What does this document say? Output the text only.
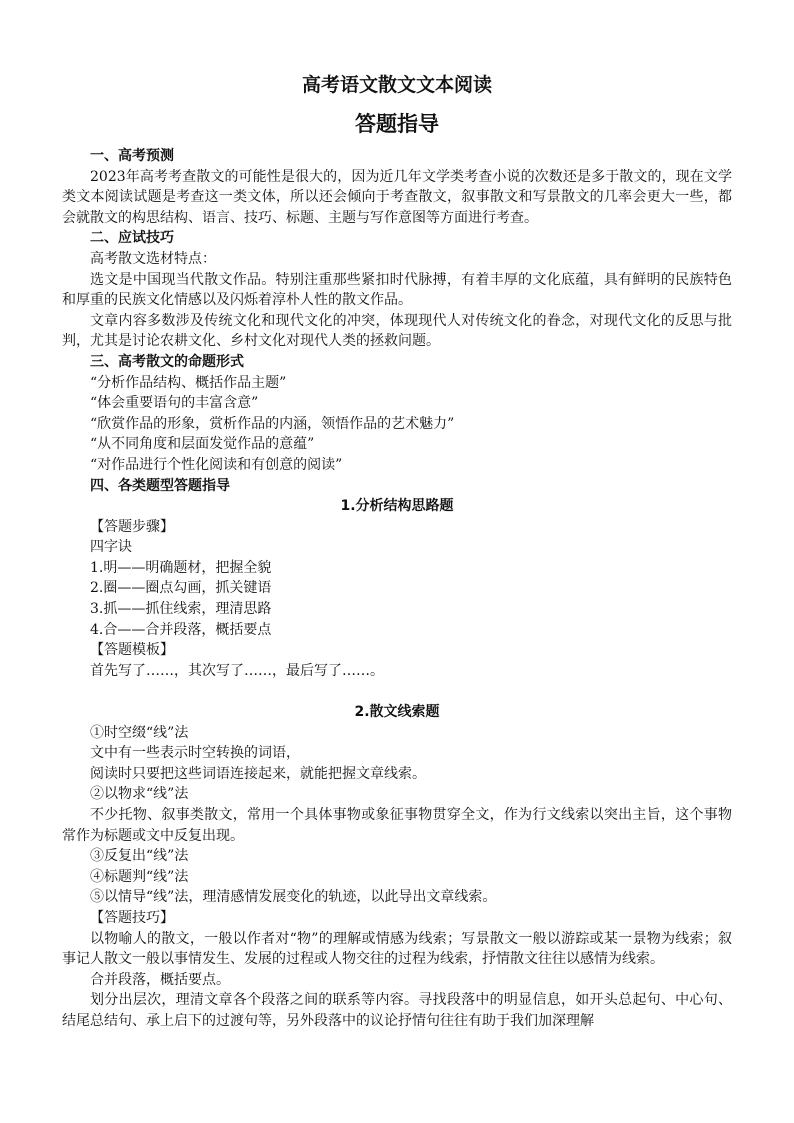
高考语文散文文本阅读
答题指导
一、高考预测

2023年高考考查散文的可能性是很大的，因为近几年文学类考查小说的次数还是多于散文的，现在文学类文本阅读试题是考查这一类文体，所以还会倾向于考查散文，叙事散文和写景散文的几率会更大一些，都会就散文的构思结构、语言、技巧、标题、主题与写作意图等方面进行考查。

二、应试技巧

高考散文选材特点：

选文是中国现当代散文作品。特别注重那些紧扣时代脉搏，有着丰厚的文化底蕴，具有鲜明的民族特色和厚重的民族文化情感以及闪烁着淳朴人性的散文作品。

文章内容多数涉及传统文化和现代文化的冲突，体现现代人对传统文化的眷念，对现代文化的反思与批判，尤其是讨论农耕文化、乡村文化对现代人类的拯救问题。

三、高考散文的命题形式
“分析作品结构、概括作品主题”
“体会重要语句的丰富含意”
“欣赏作品的形象，赏析作品的内涵，领悟作品的艺术魅力”
“从不同角度和层面发觉作品的意蕴”
“对作品进行个性化阅读和有创意的阅读”
四、各类题型答题指导
1.分析结构思路题
【答题步骤】
四字诀
1.明——明确题材，把握全貌
2.圈——圈点勾画，抓关键语
3.抓——抓住线索，理清思路
4.合——合并段落，概括要点
【答题模板】
首先写了……，其次写了……，最后写了……。
2.散文线索题
①时空缀“线”法
文中有一些表示时空转换的词语，
阅读时只要把这些词语连接起来，就能把握文章线索。
②以物求“线”法

不少托物、叙事类散文，常用一个具体事物或象征事物贯穿全文，作为行文线索以突出主旨，这个事物常作为标题或文中反复出现。

③反复出“线”法
④标题判“线”法
⑤以情导“线”法，理清感情发展变化的轨迹，以此导出文章线索。
【答题技巧】

以物喻人的散文，一般以作者对“物”的理解或情感为线索；写景散文一般以游踪或某一景物为线索；叙事记人散文一般以事情发生、发展的过程或人物交往的过程为线索，抒情散文往往以感情为线索。

合并段落，概括要点。

划分出层次，理清文章各个段落之间的联系等内容。寻找段落中的明显信息，如开头总起句、中心句、结尾总结句、承上启下的过渡句等，另外段落中的议论抒情句往往有助于我们加深理解
